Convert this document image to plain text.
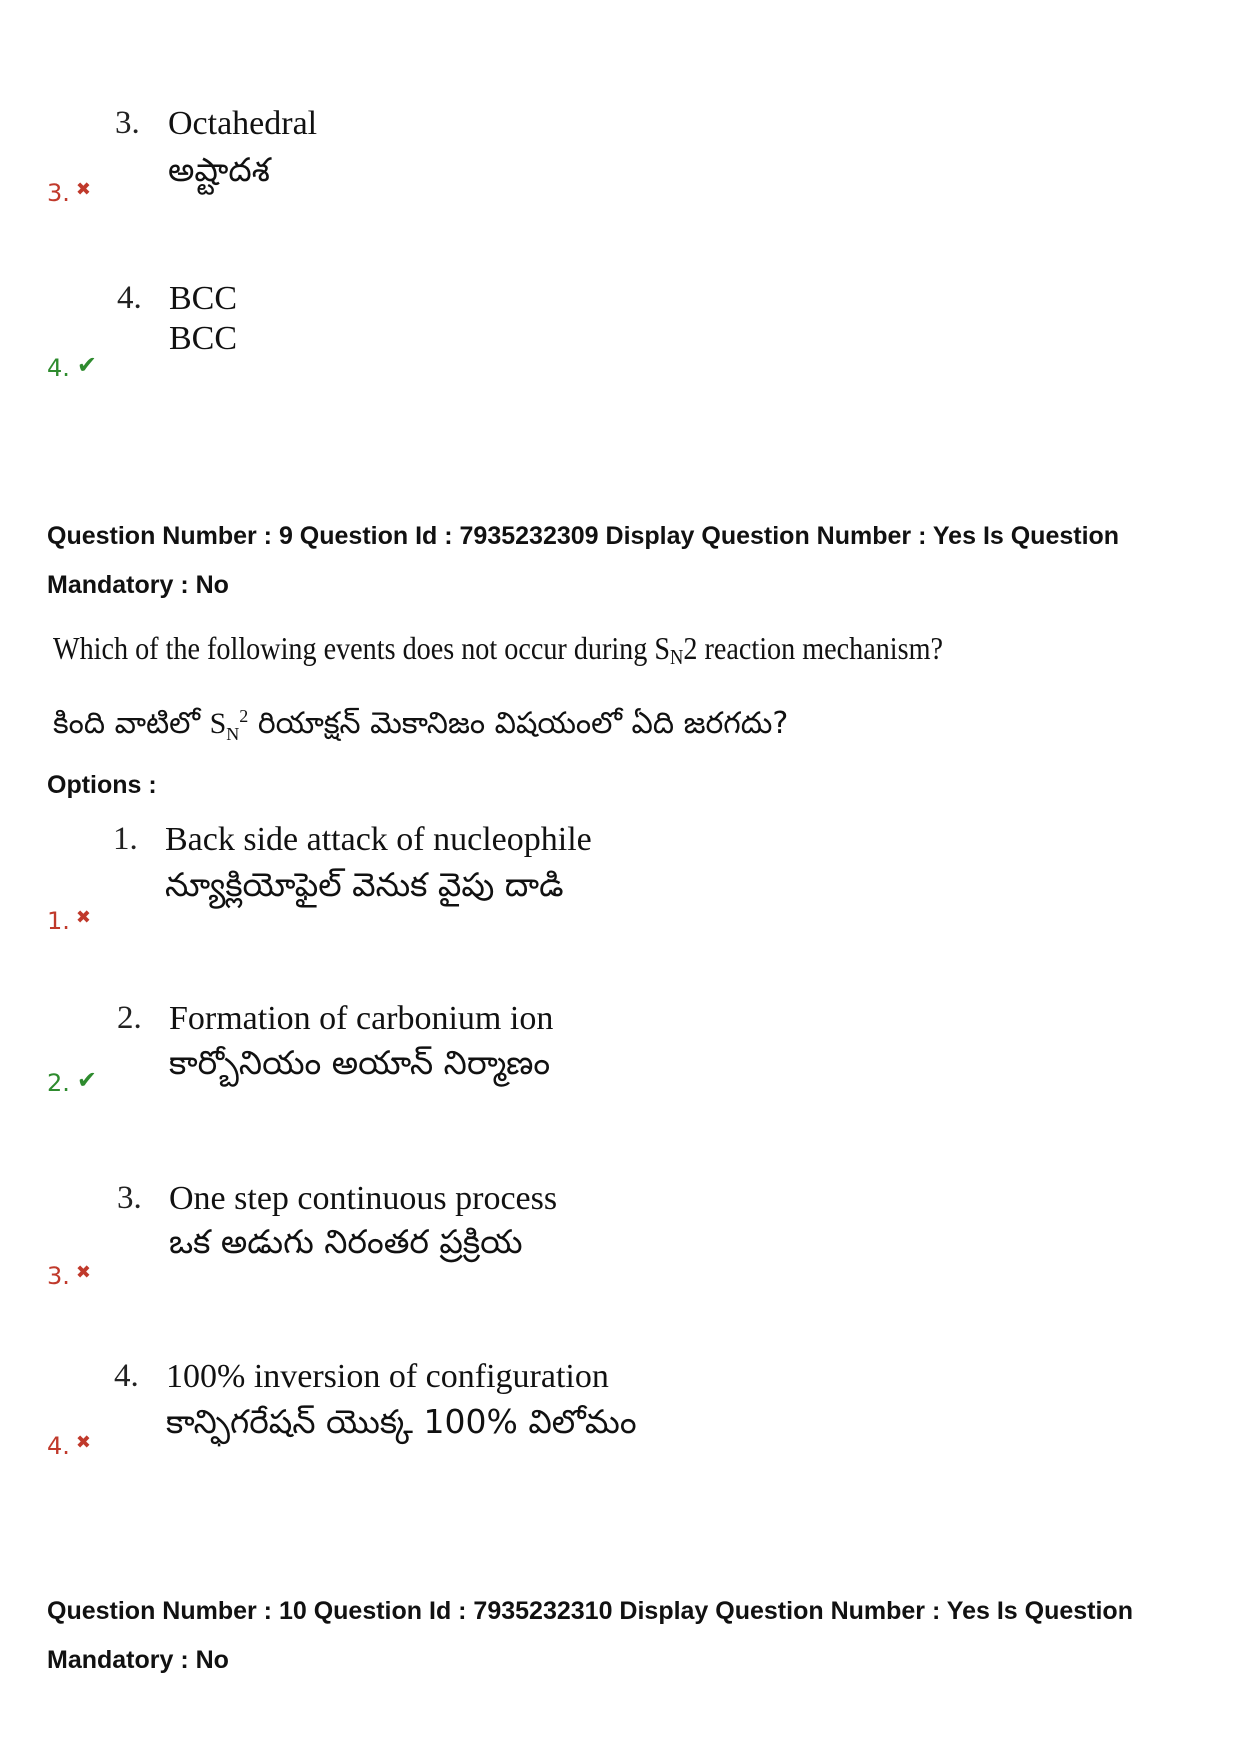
3. Octahedral
అష్టాదశ
3. ✖
4. BCC
BCC
4. ✔
Question Number : 9 Question Id : 7935232309 Display Question Number : Yes Is Question
Mandatory : No
Which of the following events does not occur during $S_N2$ reaction mechanism?
కింది వాటిలో $S_N^2$ రియాక్షన్ మెకానిజం విషయంలో ఏది జరగదు?
Options :
1. Back side attack of nucleophile
న్యూక్లియోఫైల్ వెనుక వైపు దాడి
1. ✖
2. Formation of carbonium ion
కార్బోనియం అయాన్ నిర్మాణం
2. ✔
3. One step continuous process
ఒక అడుగు నిరంతర ప్రక్రియ
3. ✖
4. 100% inversion of configuration
కాన్ఫిగరేషన్ యొక్క 100% విలోమం
4. ✖
Question Number : 10 Question Id : 7935232310 Display Question Number : Yes Is Question
Mandatory : No
